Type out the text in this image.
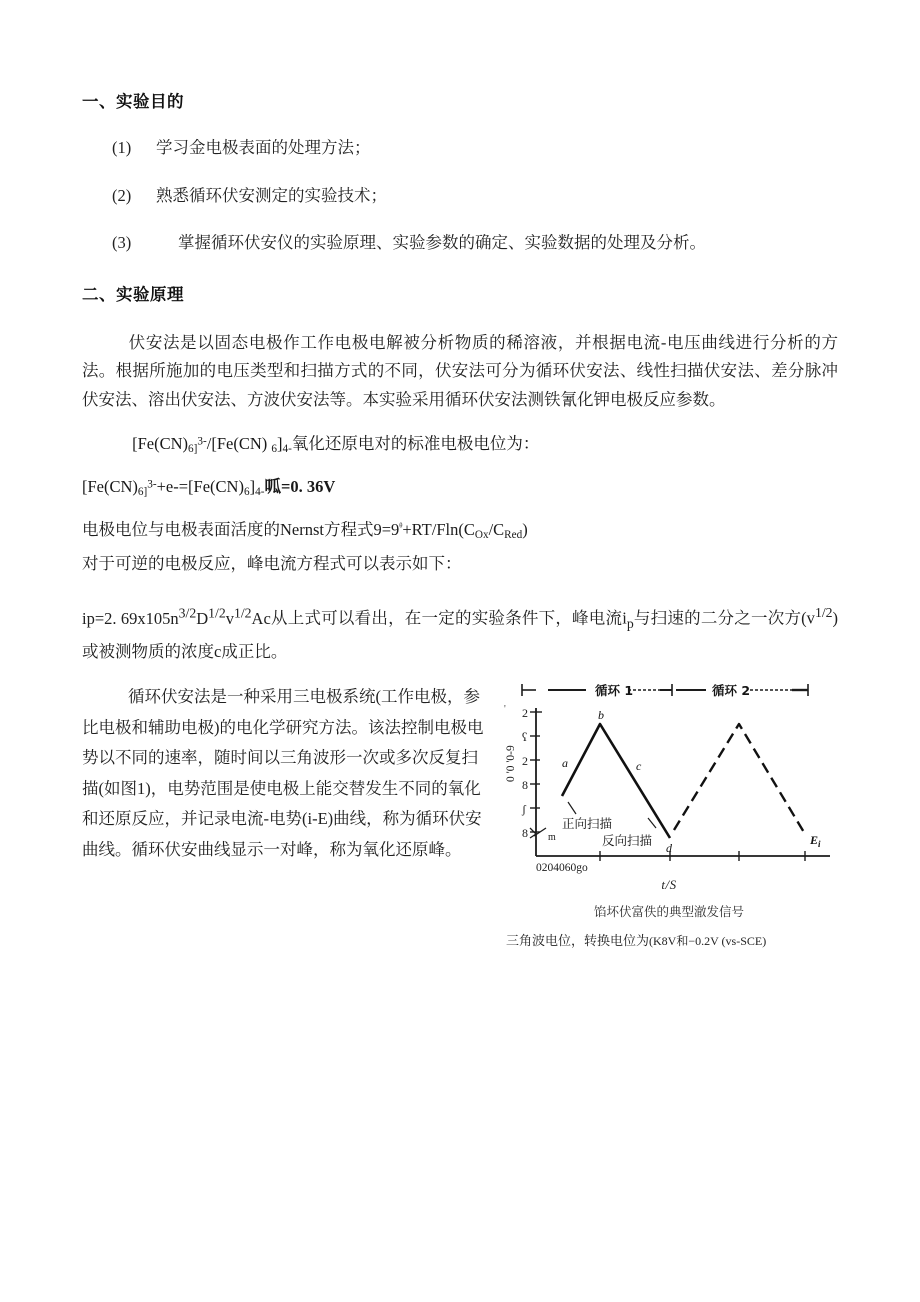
一、实验目的
(1)	学习金电极表面的处理方法；
(2)	熟悉循环伏安测定的实验技术；
(3)	掌握循环伏安仪的实验原理、实验参数的确定、实验数据的处理及分析。
二、实验原理

伏安法是以固态电极作工作电极电解被分析物质的稀溶液，并根据电流-电压曲线进行分析的方法。根据所施加的电压类型和扫描方式的不同，伏安法可分为循环伏安法、线性扫描伏安法、差分脉冲伏安法、溶出伏安法、方波伏安法等。本实验采用循环伏安法测铁氰化钾电极反应参数。

[$Fe(CN)_{6]}^{3-}/[Fe(CN)$ $_6]_{4-}$氧化还原电对的标准电极电位为：
[$Fe(CN)_{6]}^{3-}+e-=[Fe(CN)_6]_{4-}$呱=0. 36V
电极电位与电极表面活度的Nernst方程式$9=9^ᶿ+RT/Fln(C_{Ox}/C_{Red})$
对于可逆的电极反应，峰电流方程式可以表示如下：

ip=2. $69x105n^{3/2}D^{1/2}v^{1/2}Ac$从上式可以看出，在一定的实验条件下，峰电流$i_p$与扫速的二分之一次方$(v^{1/2})$或被测物质的浓度c成正比。

循环 1	循环 2
2
ʕ
2
8
ʃ
8
0 '0 '0-9
'
m
a
b
c
d
$E_i$
正向扫描
反向扫描
0204060go
t/S
馅坏伏富佚的典型澈发信号
三角波电位，转换电位为(K8V和−0.2V (vs-SCE)
循环伏安法是一种采用三电极系统(工作电极，参比电极和辅助电极)的电化学研究方法。该法控制电极电势以不同的速率，随时间以三角波形一次或多次反复扫描(如图1)，电势范围是使电极上能交替发生不同的氧化和还原反应，并记录电流-电势(i-E)曲线，称为循环伏安曲线。循环伏安曲线显示一对峰，称为氧化还原峰。
